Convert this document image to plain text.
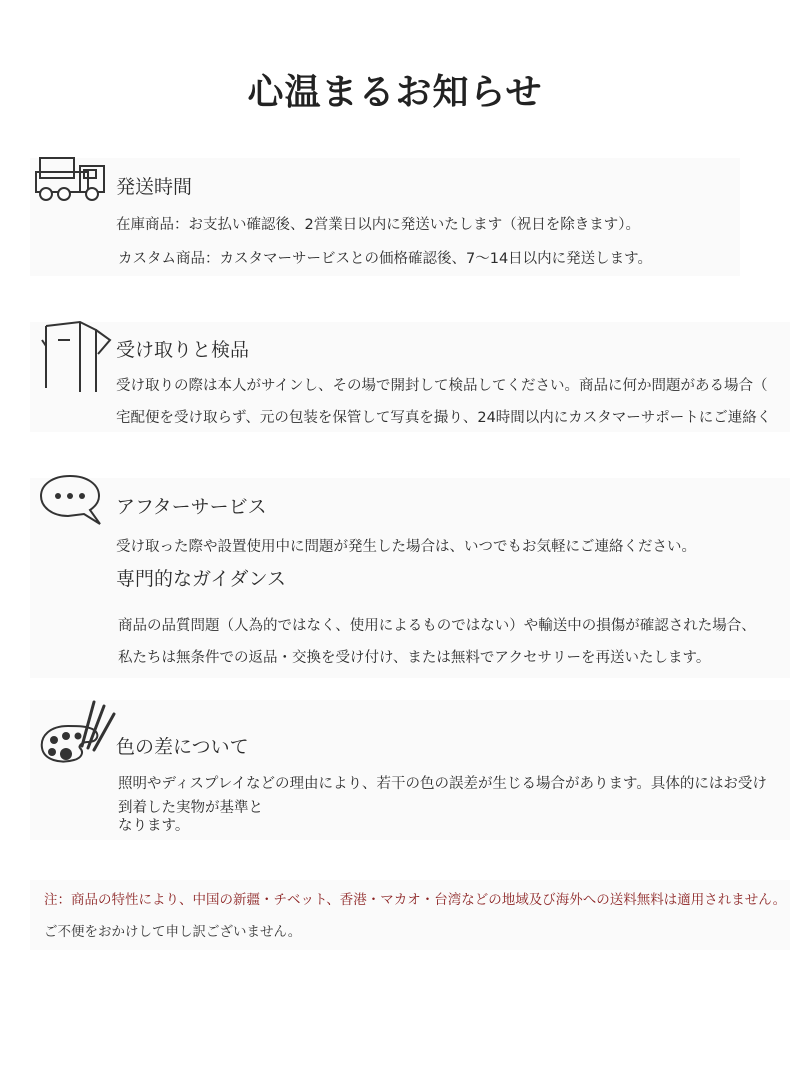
心温まるお知らせ
発送時間
在庫商品：お支払い確認後、2営業日以内に発送いたします（祝日を除きます）。
カスタム商品：カスタマーサービスとの価格確認後、7〜14日以内に発送します。
受け取りと検品
受け取りの際は本人がサインし、その場で開封して検品してください。商品に何か問題がある場合（
宅配便を受け取らず、元の包装を保管して写真を撮り、24時間以内にカスタマーサポートにご連絡く
アフターサービス
受け取った際や設置使用中に問題が発生した場合は、いつでもお気軽にご連絡ください。
専門的なガイダンス
商品の品質問題（人為的ではなく、使用によるものではない）や輸送中の損傷が確認された場合、
私たちは無条件での返品・交換を受け付け、または無料でアクセサリーを再送いたします。
色の差について
照明やディスプレイなどの理由により、若干の色の誤差が生じる場合があります。具体的にはお受け
到着した実物が基準と
なります。
注：商品の特性により、中国の新疆・チベット、香港・マカオ・台湾などの地域及び海外への送料無料は適用されません。
ご不便をおかけして申し訳ございません。
